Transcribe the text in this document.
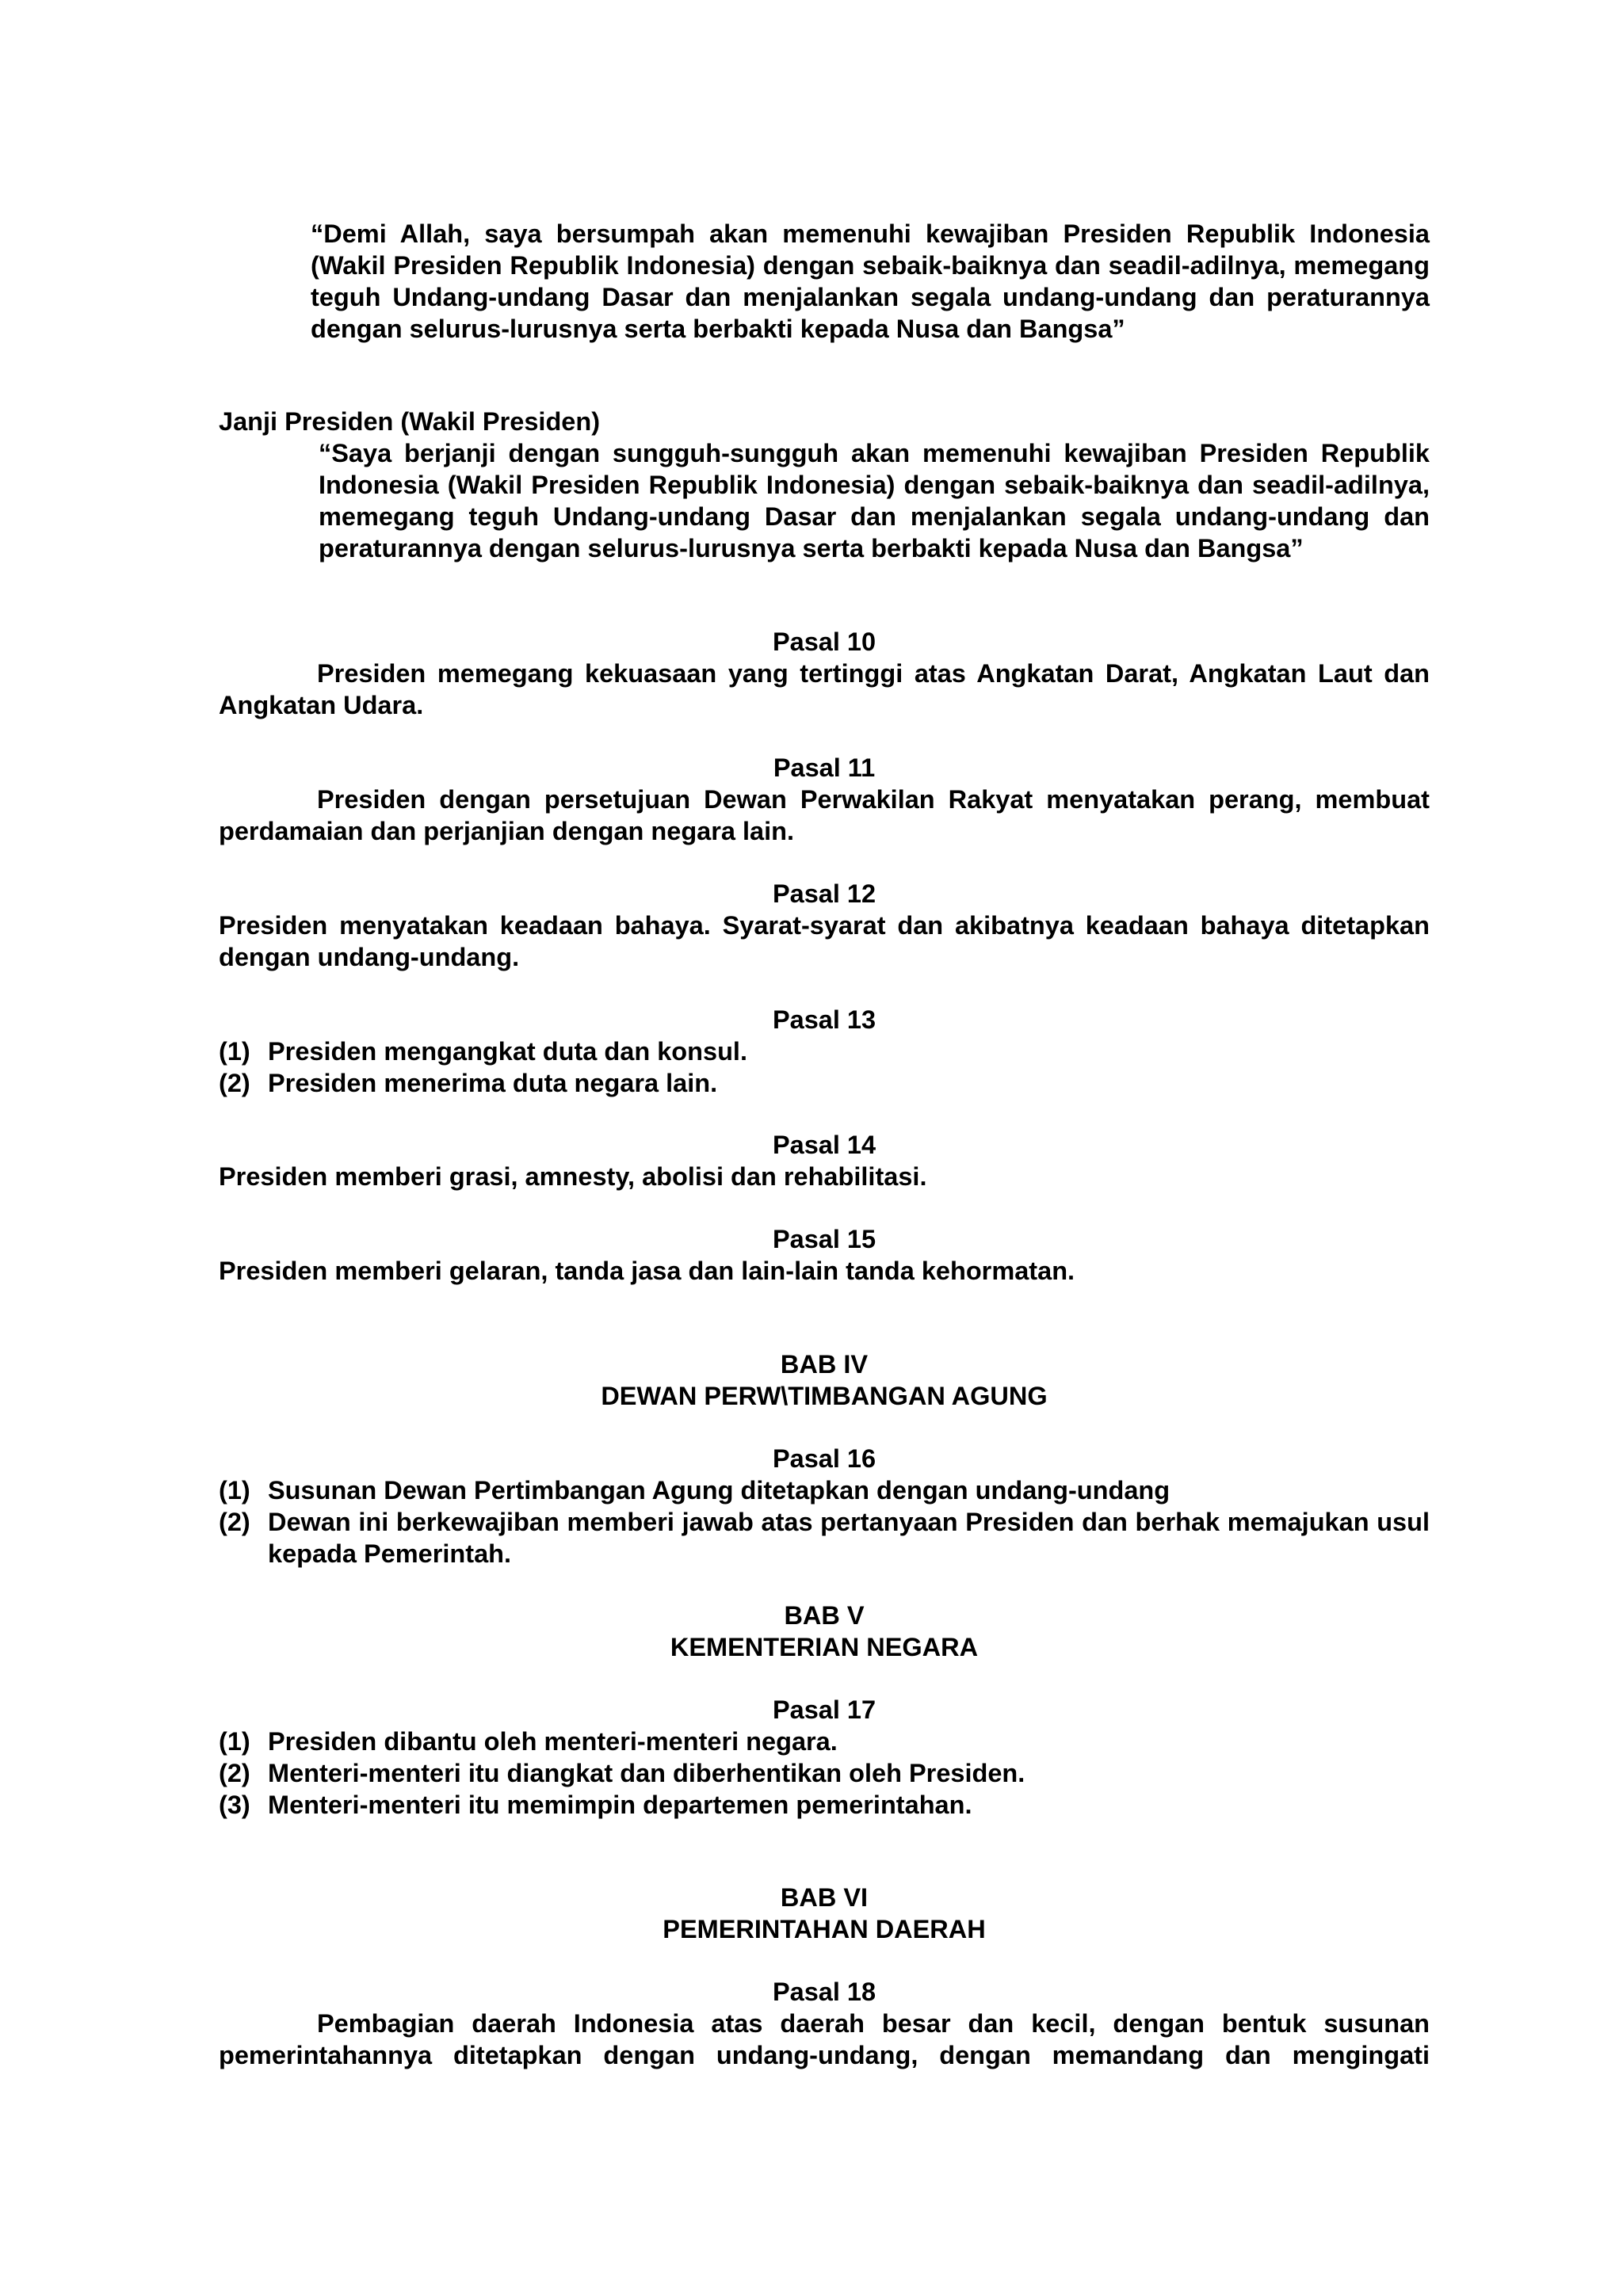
“Demi Allah, saya bersumpah akan memenuhi kewajiban Presiden Republik Indonesia (Wakil Presiden Republik Indonesia) dengan sebaik-baiknya dan seadil-adilnya, memegang teguh Undang-undang Dasar dan menjalankan segala undang-undang dan peraturannya dengan selurus-lurusnya serta berbakti kepada Nusa dan Bangsa”

Janji Presiden (Wakil Presiden)

“Saya berjanji dengan sungguh-sungguh akan memenuhi kewajiban Presiden Republik Indonesia (Wakil Presiden Republik Indonesia) dengan sebaik-baiknya dan seadil-adilnya, memegang teguh Undang-undang Dasar dan menjalankan segala undang-undang dan peraturannya dengan selurus-lurusnya serta berbakti kepada Nusa dan Bangsa”

Pasal 10

Presiden memegang kekuasaan yang tertinggi atas Angkatan Darat, Angkatan Laut dan Angkatan Udara.

Pasal 11

Presiden dengan persetujuan Dewan Perwakilan Rakyat menyatakan perang, membuat perdamaian dan perjanjian dengan negara lain.

Pasal 12

Presiden menyatakan keadaan bahaya. Syarat-syarat dan akibatnya keadaan bahaya ditetapkan dengan undang-undang.

Pasal 13

(1) Presiden mengangkat duta dan konsul.
(2) Presiden menerima duta negara lain.

Pasal 14

Presiden memberi grasi, amnesty, abolisi dan rehabilitasi.

Pasal 15

Presiden memberi gelaran, tanda jasa dan lain-lain tanda kehormatan.

BAB IV

DEWAN PERW\TIMBANGAN AGUNG

Pasal 16

(1) Susunan Dewan Pertimbangan Agung ditetapkan dengan undang-undang
(2) Dewan ini berkewajiban memberi jawab atas pertanyaan Presiden dan berhak memajukan usul kepada Pemerintah.

BAB V

KEMENTERIAN NEGARA

Pasal 17

(1) Presiden dibantu oleh menteri-menteri negara.
(2) Menteri-menteri itu diangkat dan diberhentikan oleh Presiden.
(3) Menteri-menteri itu memimpin departemen pemerintahan.

BAB VI

PEMERINTAHAN DAERAH

Pasal 18

Pembagian daerah Indonesia atas daerah besar dan kecil, dengan bentuk susunan pemerintahannya ditetapkan dengan undang-undang, dengan memandang dan mengingati
